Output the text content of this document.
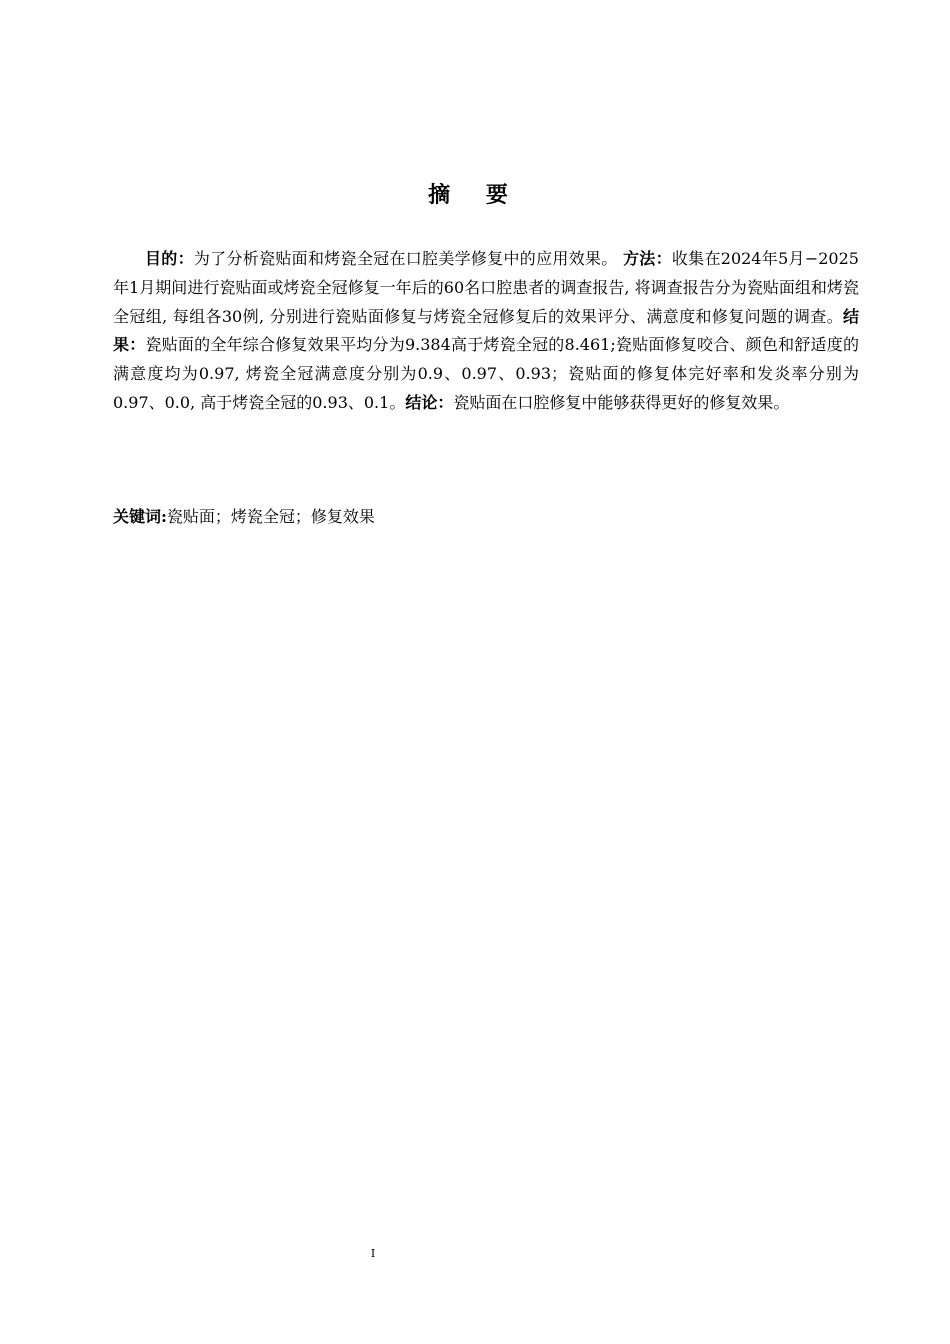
摘 要

目的：为了分析瓷贴面和烤瓷全冠在口腔美学修复中的应用效果。 方法：收集在2024年5月−2025年1月期间进行瓷贴面或烤瓷全冠修复一年后的60名口腔患者的调查报告, 将调查报告分为瓷贴面组和烤瓷全冠组, 每组各30例, 分别进行瓷贴面修复与烤瓷全冠修复后的效果评分、满意度和修复问题的调查。结果：瓷贴面的全年综合修复效果平均分为9.384高于烤瓷全冠的8.461;瓷贴面修复咬合、颜色和舒适度的满意度均为0.97, 烤瓷全冠满意度分别为0.9、0.97、0.93；瓷贴面的修复体完好率和发炎率分别为0.97、0.0, 高于烤瓷全冠的0.93、0.1。结论：瓷贴面在口腔修复中能够获得更好的修复效果。

关键词:瓷贴面；烤瓷全冠；修复效果

I
